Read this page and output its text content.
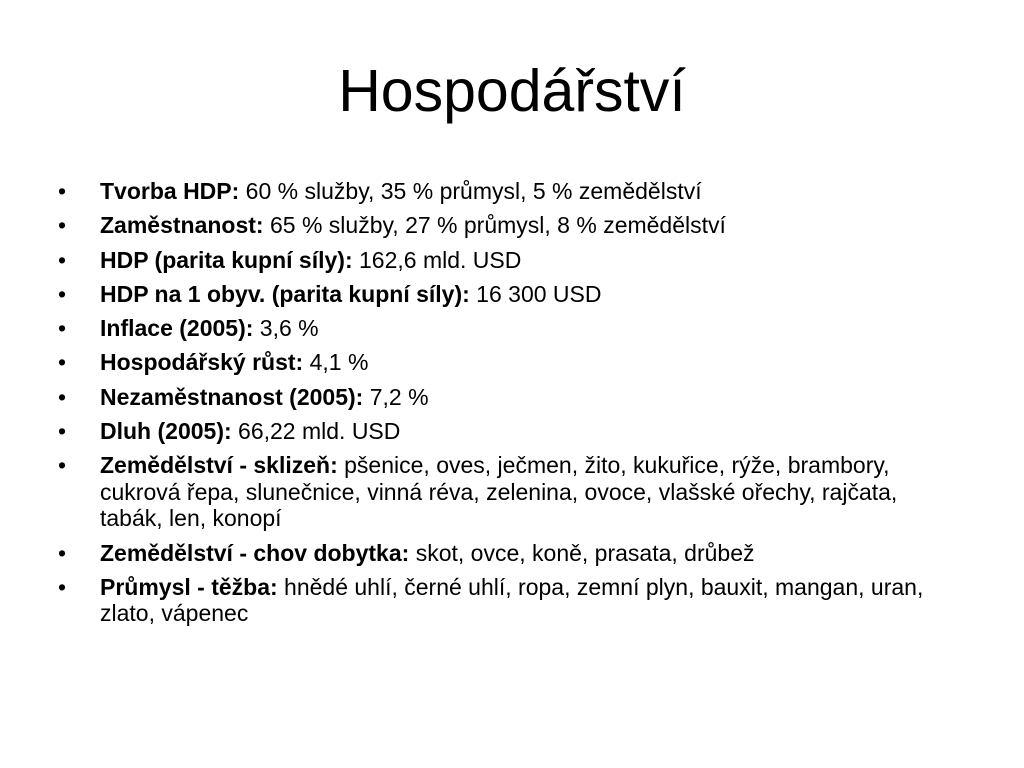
Hospodářství
• Tvorba HDP: 60 % služby, 35 % průmysl, 5 % zemědělství
• Zaměstnanost: 65 % služby, 27 % průmysl, 8 % zemědělství
• HDP (parita kupní síly): 162,6 mld. USD
• HDP na 1 obyv. (parita kupní síly): 16 300 USD
• Inflace (2005): 3,6 %
• Hospodářský růst: 4,1 %
• Nezaměstnanost (2005): 7,2 %
• Dluh (2005): 66,22 mld. USD
• Zemědělství - sklizeň: pšenice, oves, ječmen, žito, kukuřice, rýže, brambory, cukrová řepa, slunečnice, vinná réva, zelenina, ovoce, vlašské ořechy, rajčata, tabák, len, konopí
• Zemědělství - chov dobytka: skot, ovce, koně, prasata, drůbež
• Průmysl - těžba: hnědé uhlí, černé uhlí, ropa, zemní plyn, bauxit, mangan, uran, zlato, vápenec
